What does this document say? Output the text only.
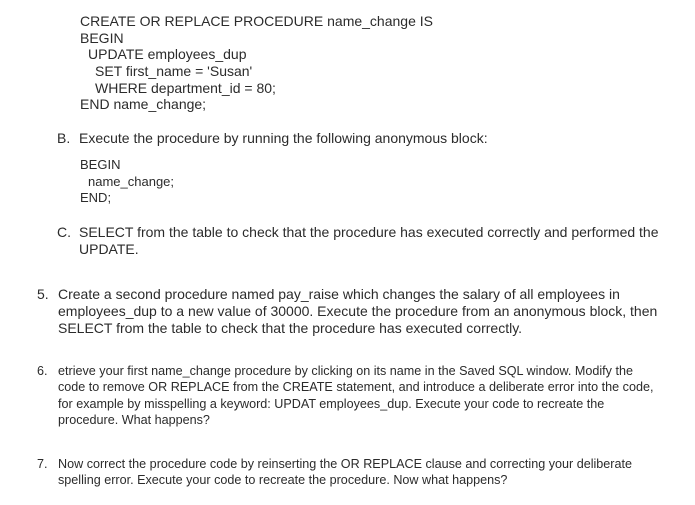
CREATE OR REPLACE PROCEDURE name_change IS
BEGIN
UPDATE employees_dup
SET first_name = 'Susan'
WHERE department_id = 80;
END name_change;
B. Execute the procedure by running the following anonymous block:
BEGIN
name_change;
END;
C. SELECT from the table to check that the procedure has executed correctly and performed the
UPDATE.
5. Create a second procedure named pay_raise which changes the salary of all employees in
employees_dup to a new value of 30000. Execute the procedure from an anonymous block, then
SELECT from the table to check that the procedure has executed correctly.
6. etrieve your first name_change procedure by clicking on its name in the Saved SQL window. Modify the
code to remove OR REPLACE from the CREATE statement, and introduce a deliberate error into the code,
for example by misspelling a keyword: UPDAT employees_dup. Execute your code to recreate the
procedure. What happens?
7. Now correct the procedure code by reinserting the OR REPLACE clause and correcting your deliberate
spelling error. Execute your code to recreate the procedure. Now what happens?
